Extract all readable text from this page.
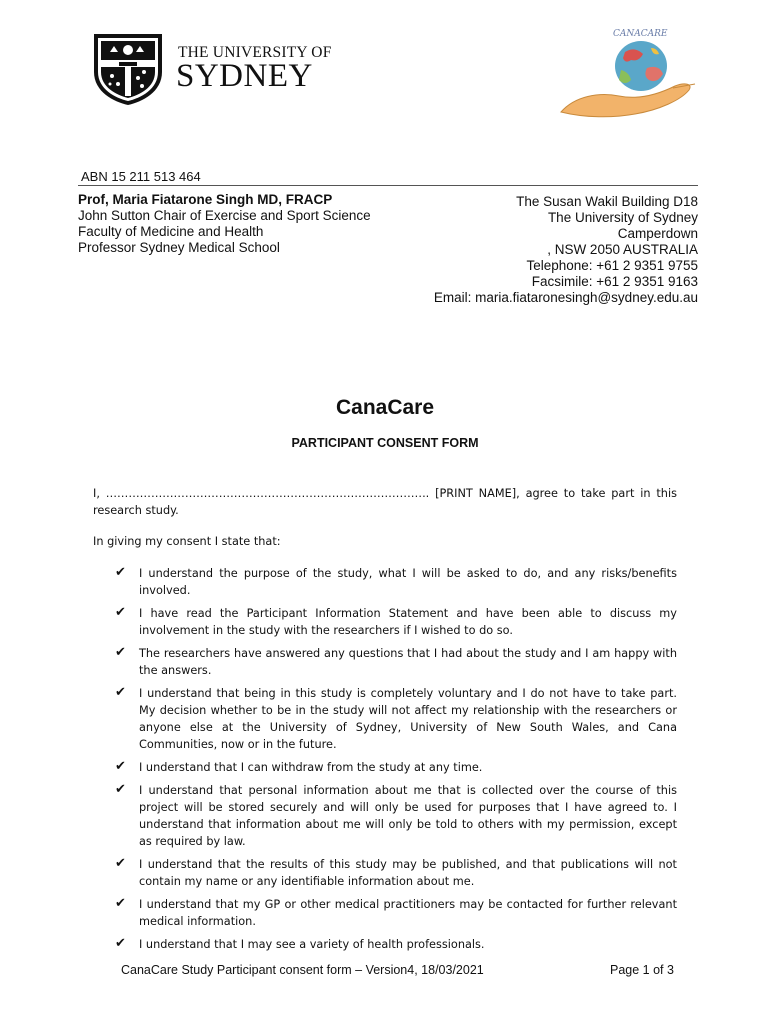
THE UNIVERSITY OF
SYDNEY
CANACARE
ABN 15 211 513 464
Prof, Maria Fiatarone Singh MD, FRACP
John Sutton Chair of Exercise and Sport Science
Faculty of Medicine and Health
Professor Sydney Medical School
The Susan Wakil Building D18
The University of Sydney
Camperdown
, NSW 2050 AUSTRALIA
Telephone: +61 2 9351 9755
Facsimile: +61 2 9351 9163
Email: maria.fiataronesingh@sydney.edu.au
CanaCare
PARTICIPANT CONSENT FORM
I, ………………………………………………………………………….. [PRINT NAME], agree to take part in this research study.
In giving my consent I state that:
✔ I understand the purpose of the study, what I will be asked to do, and any risks/benefits involved.
✔ I have read the Participant Information Statement and have been able to discuss my involvement in the study with the researchers if I wished to do so.
✔ The researchers have answered any questions that I had about the study and I am happy with the answers.
✔ I understand that being in this study is completely voluntary and I do not have to take part. My decision whether to be in the study will not affect my relationship with the researchers or anyone else at the University of Sydney, University of New South Wales, and Cana Communities, now or in the future.
✔ I understand that I can withdraw from the study at any time.
✔ I understand that personal information about me that is collected over the course of this project will be stored securely and will only be used for purposes that I have agreed to. I understand that information about me will only be told to others with my permission, except as required by law.
✔ I understand that the results of this study may be published, and that publications will not contain my name or any identifiable information about me.
✔ I understand that my GP or other medical practitioners may be contacted for further relevant medical information.
✔ I understand that I may see a variety of health professionals.
CanaCare Study Participant consent form – Version4, 18/03/2021	Page 1 of 3
